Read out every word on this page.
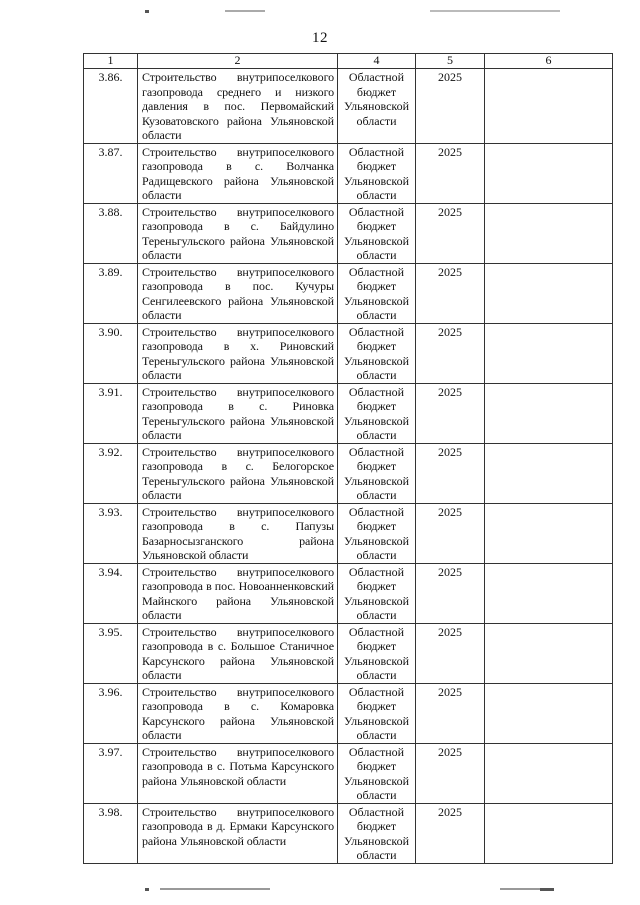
12
1	2	4	5	6
3.86.	Строительство внутрипоселкового газопровода среднего и низкого давления в пос. Первомайский Кузоватовского района Ульяновской области	Областной бюджет Ульяновской области	2025	
3.87.	Строительство внутрипоселкового газопровода в с. Волчанка Радищевского района Ульяновской области	Областной бюджет Ульяновской области	2025	
3.88.	Строительство внутрипоселкового газопровода в с. Байдулино Тереньгульского района Ульяновской области	Областной бюджет Ульяновской области	2025	
3.89.	Строительство внутрипоселкового газопровода в пос. Кучуры Сенгилеевского района Ульяновской области	Областной бюджет Ульяновской области	2025	
3.90.	Строительство внутрипоселкового газопровода в х. Риновский Тереньгульского района Ульяновской области	Областной бюджет Ульяновской области	2025	
3.91.	Строительство внутрипоселкового газопровода в с. Риновка Тереньгульского района Ульяновской области	Областной бюджет Ульяновской области	2025	
3.92.	Строительство внутрипоселкового газопровода в с. Белогорское Тереньгульского района Ульяновской области	Областной бюджет Ульяновской области	2025	
3.93.	Строительство внутрипоселкового газопровода в с. Папузы Базарносызганского района Ульяновской области	Областной бюджет Ульяновской области	2025	
3.94.	Строительство внутрипоселкового газопровода в пос. Новоанненковский Майнского района Ульяновской области	Областной бюджет Ульяновской области	2025	
3.95.	Строительство внутрипоселкового газопровода в с. Большое Станичное Карсунского района Ульяновской области	Областной бюджет Ульяновской области	2025	
3.96.	Строительство внутрипоселкового газопровода в с. Комаровка Карсунского района Ульяновской области	Областной бюджет Ульяновской области	2025	
3.97.	Строительство внутрипоселкового газопровода в с. Потьма Карсунского района Ульяновской области	Областной бюджет Ульяновской области	2025	
3.98.	Строительство внутрипоселкового газопровода в д. Ермаки Карсунского района Ульяновской области	Областной бюджет Ульяновской области	2025	
